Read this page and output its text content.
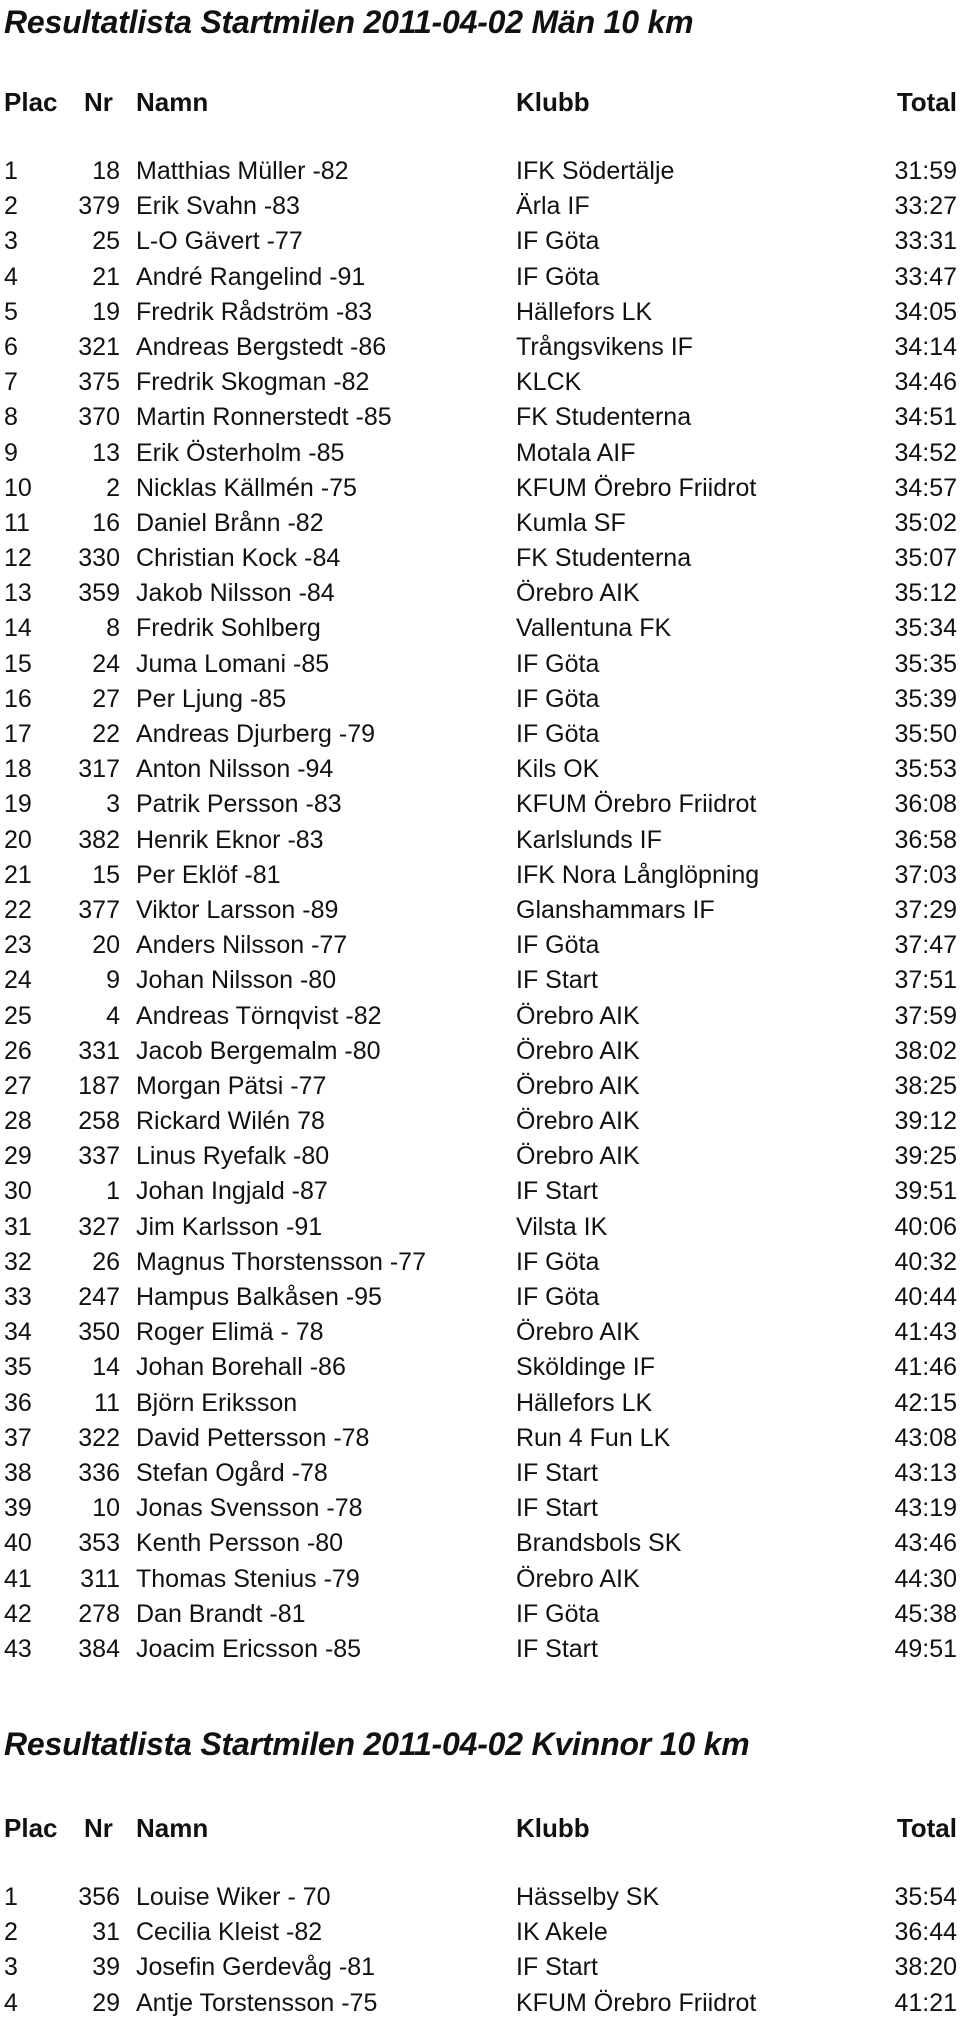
Resultatlista Startmilen 2011-04-02 Män 10 km
Plac Nr Namn	Klubb	Total
1	18 Matthias Müller -82	IFK Södertälje	31:59
2	379 Erik Svahn -83	Ärla IF	33:27
3	25 L-O Gävert -77	IF Göta	33:31
4	21 André Rangelind -91	IF Göta	33:47
5	19 Fredrik Rådström -83	Hällefors LK	34:05
6	321 Andreas Bergstedt -86	Trångsvikens IF	34:14
7	375 Fredrik Skogman -82	KLCK	34:46
8	370 Martin Ronnerstedt -85	FK Studenterna	34:51
9	13 Erik Österholm -85	Motala AIF	34:52
10	2 Nicklas Källmén -75	KFUM Örebro Friidrot	34:57
11	16 Daniel Brånn -82	Kumla SF	35:02
12	330 Christian Kock -84	FK Studenterna	35:07
13	359 Jakob Nilsson -84	Örebro AIK	35:12
14	8 Fredrik Sohlberg	Vallentuna FK	35:34
15	24 Juma Lomani -85	IF Göta	35:35
16	27 Per Ljung -85	IF Göta	35:39
17	22 Andreas Djurberg -79	IF Göta	35:50
18	317 Anton Nilsson -94	Kils OK	35:53
19	3 Patrik Persson -83	KFUM Örebro Friidrot	36:08
20	382 Henrik Eknor -83	Karlslunds IF	36:58
21	15 Per Eklöf -81	IFK Nora Långlöpning	37:03
22	377 Viktor Larsson -89	Glanshammars IF	37:29
23	20 Anders Nilsson -77	IF Göta	37:47
24	9 Johan Nilsson -80	IF Start	37:51
25	4 Andreas Törnqvist -82	Örebro AIK	37:59
26	331 Jacob Bergemalm -80	Örebro AIK	38:02
27	187 Morgan Pätsi -77	Örebro AIK	38:25
28	258 Rickard Wilén 78	Örebro AIK	39:12
29	337 Linus Ryefalk -80	Örebro AIK	39:25
30	1 Johan Ingjald -87	IF Start	39:51
31	327 Jim Karlsson -91	Vilsta IK	40:06
32	26 Magnus Thorstensson -77	IF Göta	40:32
33	247 Hampus Balkåsen -95	IF Göta	40:44
34	350 Roger Elimä - 78	Örebro AIK	41:43
35	14 Johan Borehall -86	Sköldinge IF	41:46
36	11 Björn Eriksson	Hällefors LK	42:15
37	322 David Pettersson -78	Run 4 Fun LK	43:08
38	336 Stefan Ogård -78	IF Start	43:13
39	10 Jonas Svensson -78	IF Start	43:19
40	353 Kenth Persson -80	Brandsbols SK	43:46
41	311 Thomas Stenius -79	Örebro AIK	44:30
42	278 Dan Brandt -81	IF Göta	45:38
43	384 Joacim Ericsson -85	IF Start	49:51
Resultatlista Startmilen 2011-04-02 Kvinnor 10 km
Plac Nr Namn	Klubb	Total
1	356 Louise Wiker - 70	Hässelby SK	35:54
2	31 Cecilia Kleist -82	IK Akele	36:44
3	39 Josefin Gerdevåg -81	IF Start	38:20
4	29 Antje Torstensson -75	KFUM Örebro Friidrot	41:21
